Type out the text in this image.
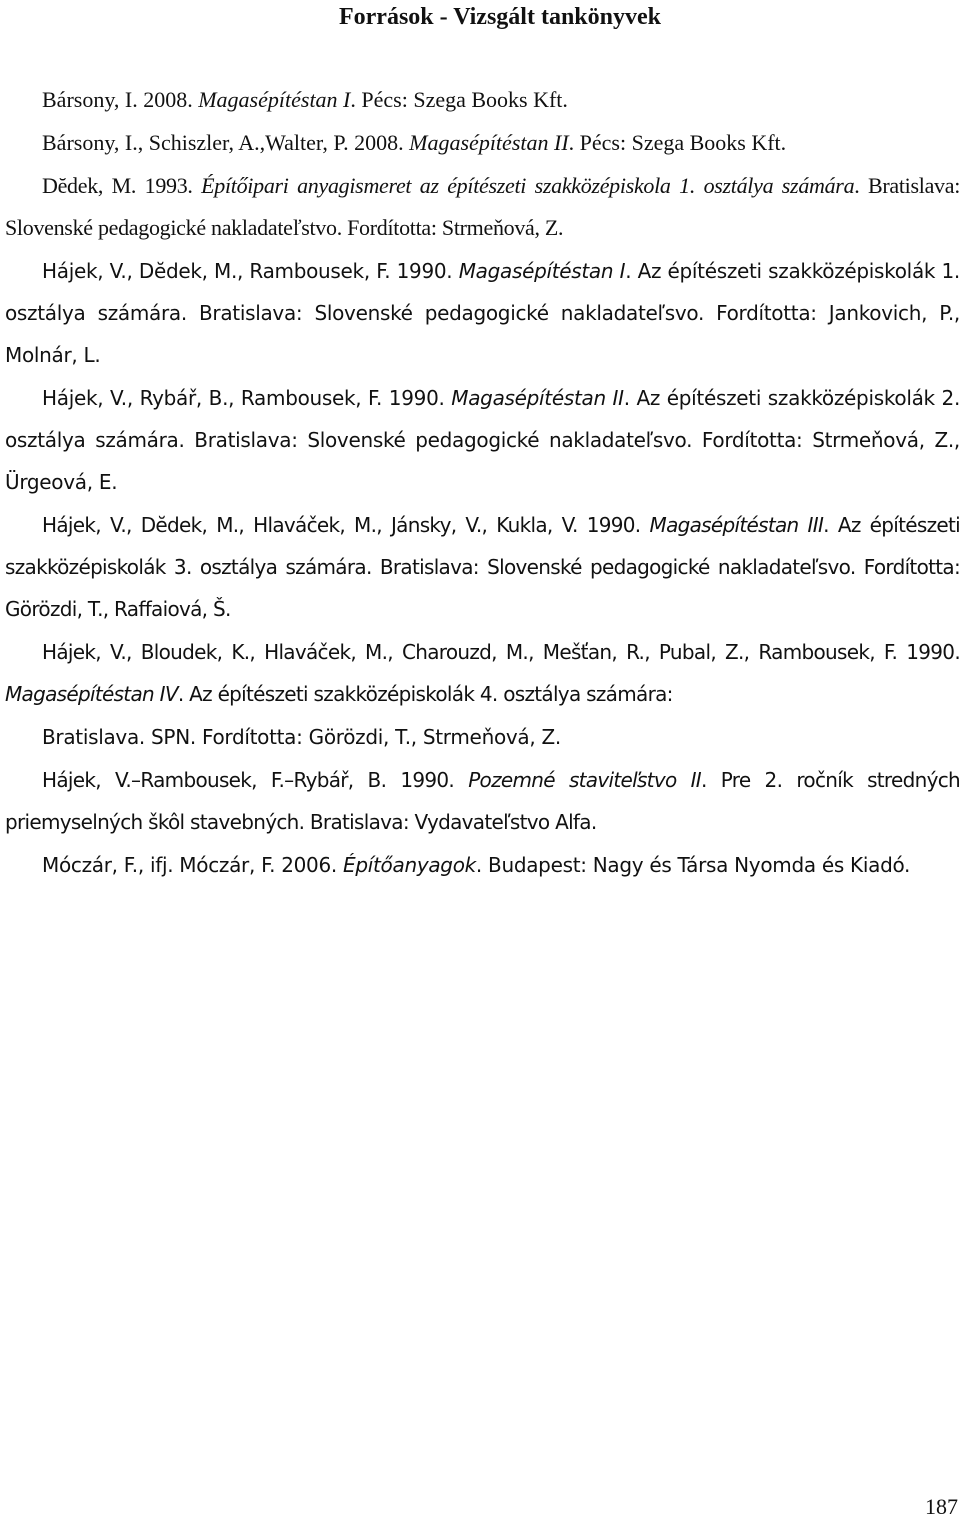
Források - Vizsgált tankönyvek

Bársony, I. 2008. Magasépítéstan I. Pécs: Szega Books Kft.

Bársony, I., Schiszler, A.,Walter, P. 2008. Magasépítéstan II. Pécs: Szega Books Kft.

Dĕdek, M. 1993. Építőipari anyagismeret az építészeti szakközépiskola 1. osztálya számára. Bratislava: Slovenské pedagogické nakladateľstvo. Fordította: Strmeňová, Z.

Hájek, V., Dĕdek, M., Rambousek, F. 1990. Magasépítéstan I. Az építészeti szakközépiskolák 1. osztálya számára. Bratislava: Slovenské pedagogické nakladateľsvo. Fordította: Jankovich, P., Molnár, L.

Hájek, V., Rybář, B., Rambousek, F. 1990. Magasépítéstan II. Az építészeti szakközépiskolák 2. osztálya számára. Bratislava: Slovenské pedagogické nakladateľsvo. Fordította: Strmeňová, Z., Ürgeová, E.

Hájek, V., Dĕdek, M., Hlaváček, M., Jánsky, V., Kukla, V. 1990. Magasépítéstan III. Az építészeti szakközépiskolák 3. osztálya számára. Bratislava: Slovenské pedagogické nakladateľsvo. Fordította: Görözdi, T., Raffaiová, Š.

Hájek, V., Bloudek, K., Hlaváček, M., Charouzd, M., Mešťan, R., Pubal, Z., Rambousek, F. 1990. Magasépítéstan IV. Az építészeti szakközépiskolák 4. osztálya számára:

Bratislava. SPN. Fordította: Görözdi, T., Strmeňová, Z.

Hájek, V.–Rambousek, F.–Rybář, B. 1990. Pozemné staviteľstvo II. Pre 2. ročník stredných priemyselných škôl stavebných. Bratislava: Vydavateľstvo Alfa.

Móczár, F., ifj. Móczár, F. 2006. Építőanyagok. Budapest: Nagy és Társa Nyomda és Kiadó.

187
